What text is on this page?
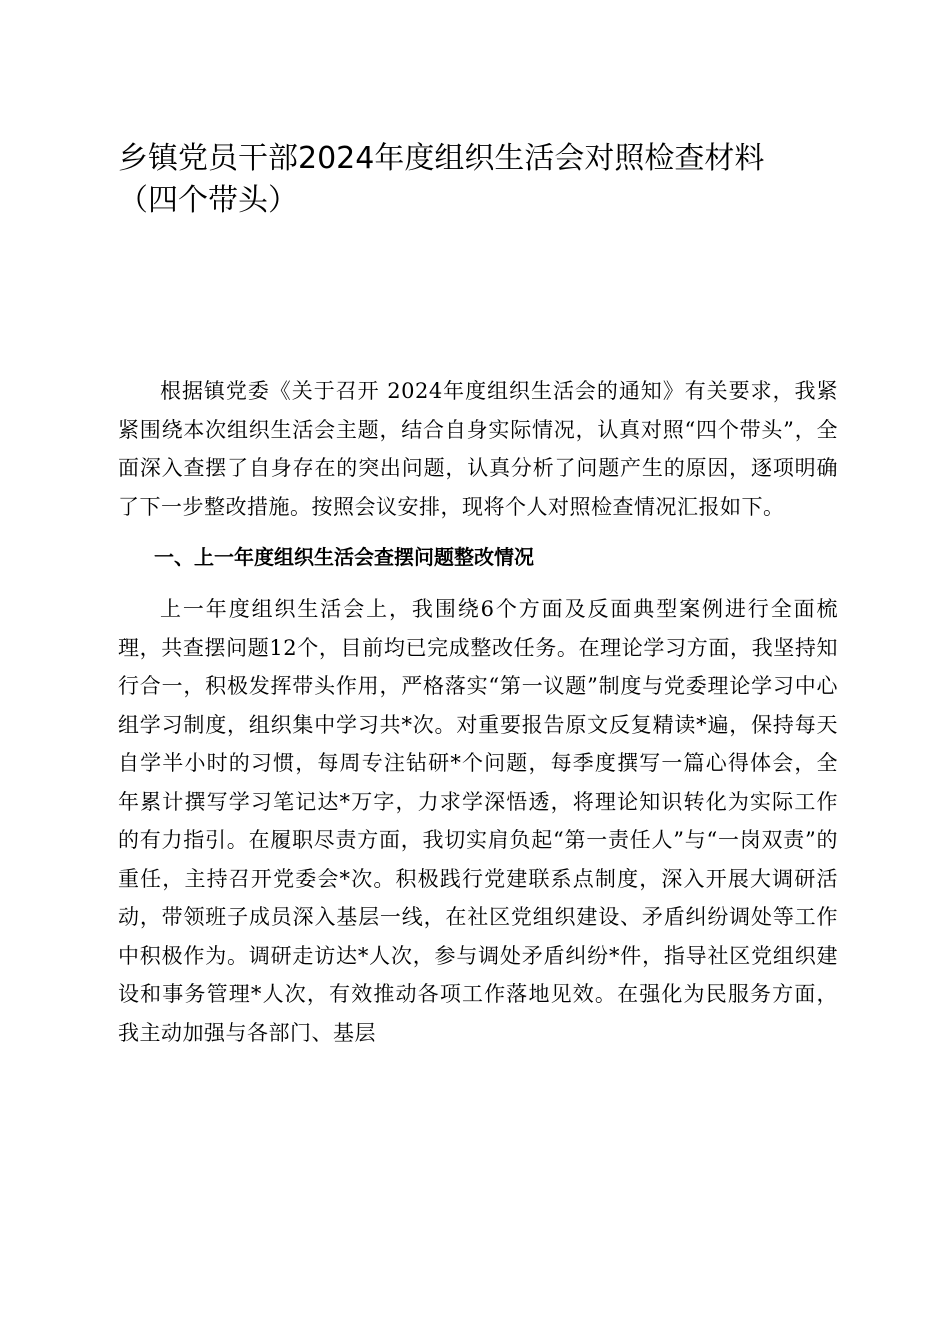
乡镇党员干部2024年度组织生活会对照检查材料
（四个带头）

根据镇党委《关于召开 2024年度组织生活会的通知》有关要求，我紧紧围绕本次组织生活会主题，结合自身实际情况，认真对照“四个带头”，全面深入查摆了自身存在的突出问题，认真分析了问题产生的原因，逐项明确了下一步整改措施。按照会议安排，现将个人对照检查情况汇报如下。

一、上一年度组织生活会查摆问题整改情况

上一年度组织生活会上，我围绕6个方面及反面典型案例进行全面梳理，共查摆问题12个，目前均已完成整改任务。在理论学习方面，我坚持知行合一，积极发挥带头作用，严格落实“第一议题”制度与党委理论学习中心组学习制度，组织集中学习共*次。对重要报告原文反复精读*遍，保持每天自学半小时的习惯，每周专注钻研*个问题，每季度撰写一篇心得体会，全年累计撰写学习笔记达*万字，力求学深悟透，将理论知识转化为实际工作的有力指引。在履职尽责方面，我切实肩负起“第一责任人”与“一岗双责”的重任，主持召开党委会*次。积极践行党建联系点制度，深入开展大调研活动，带领班子成员深入基层一线，在社区党组织建设、矛盾纠纷调处等工作中积极作为。调研走访达*人次，参与调处矛盾纠纷*件，指导社区党组织建设和事务管理*人次，有效推动各项工作落地见效。在强化为民服务方面，我主动加强与各部门、基层
